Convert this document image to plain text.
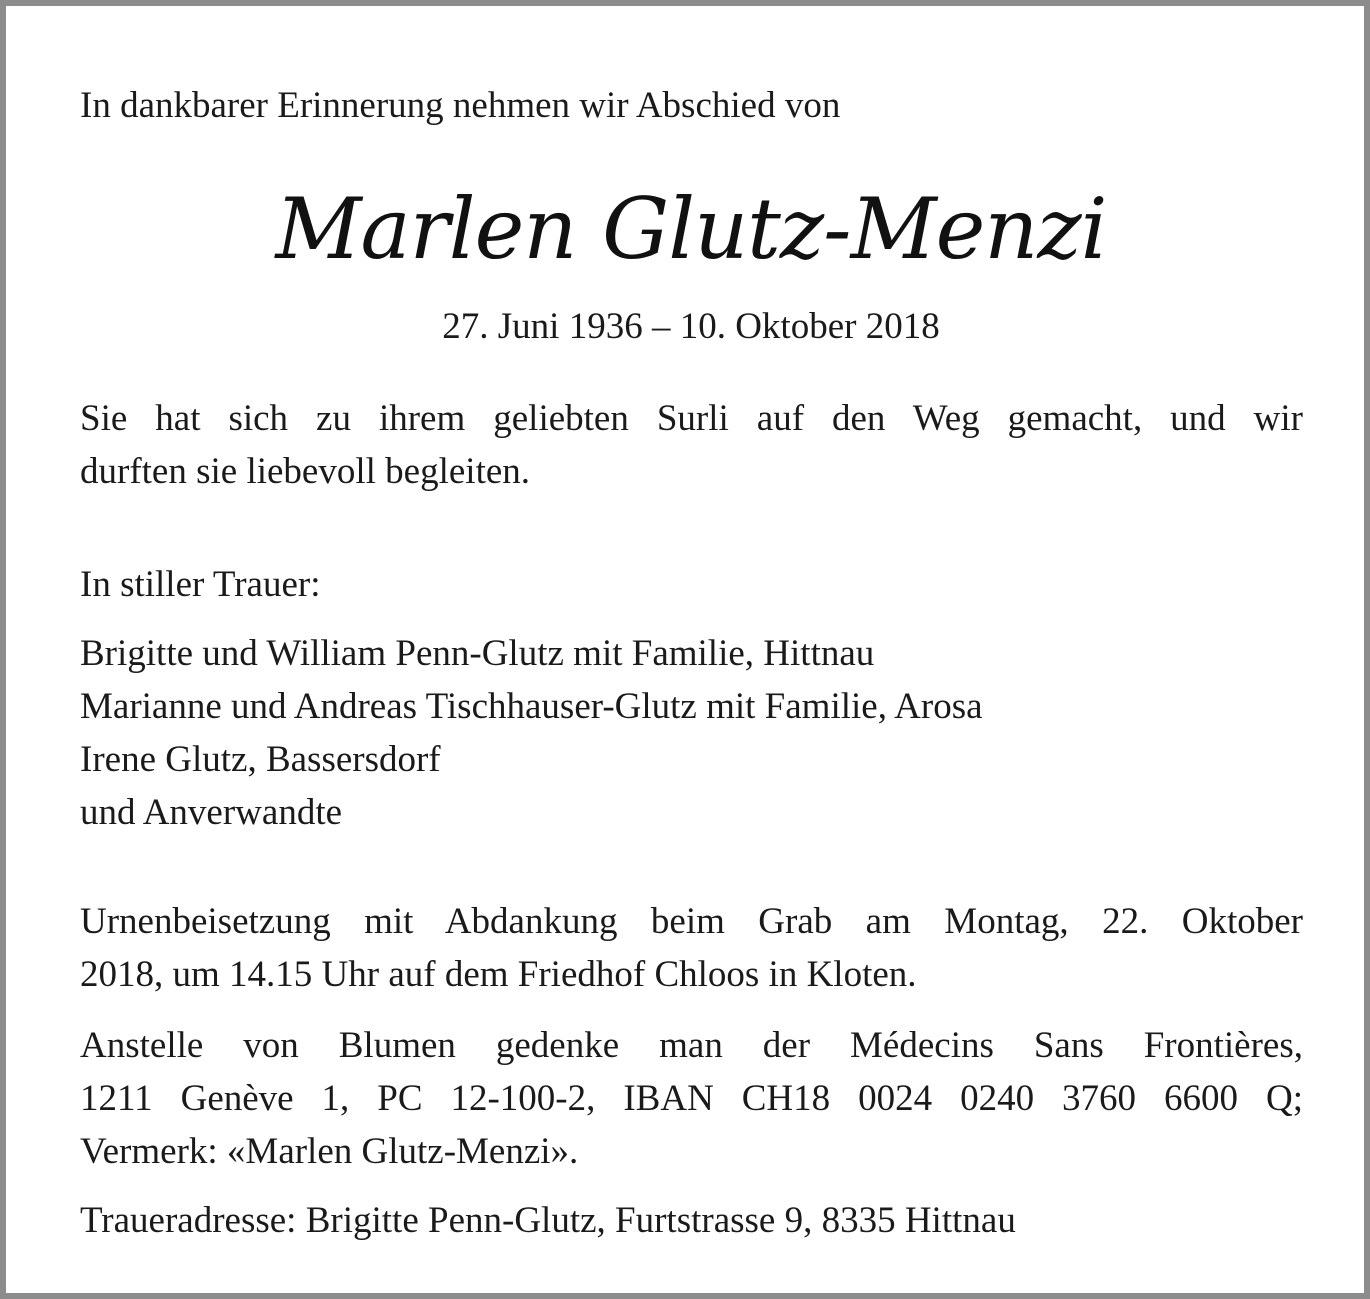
In dankbarer Erinnerung nehmen wir Abschied von

Marlen Glutz-Menzi

27. Juni 1936 – 10. Oktober 2018

Sie hat sich zu ihrem geliebten Surli auf den Weg gemacht, und wir
durften sie liebevoll begleiten.

In stiller Trauer:

Brigitte und William Penn-Glutz mit Familie, Hittnau
Marianne und Andreas Tischhauser-Glutz mit Familie, Arosa
Irene Glutz, Bassersdorf
und Anverwandte
Urnenbeisetzung mit Abdankung beim Grab am Montag, 22. Oktober
2018, um 14.15 Uhr auf dem Friedhof Chloos in Kloten.
Anstelle von Blumen gedenke man der Médecins Sans Frontières,
1211 Genève 1, PC 12-100-2, IBAN CH18 0024 0240 3760 6600 Q;
Vermerk: «Marlen Glutz-Menzi».

Traueradresse: Brigitte Penn-Glutz, Furtstrasse 9, 8335 Hittnau
